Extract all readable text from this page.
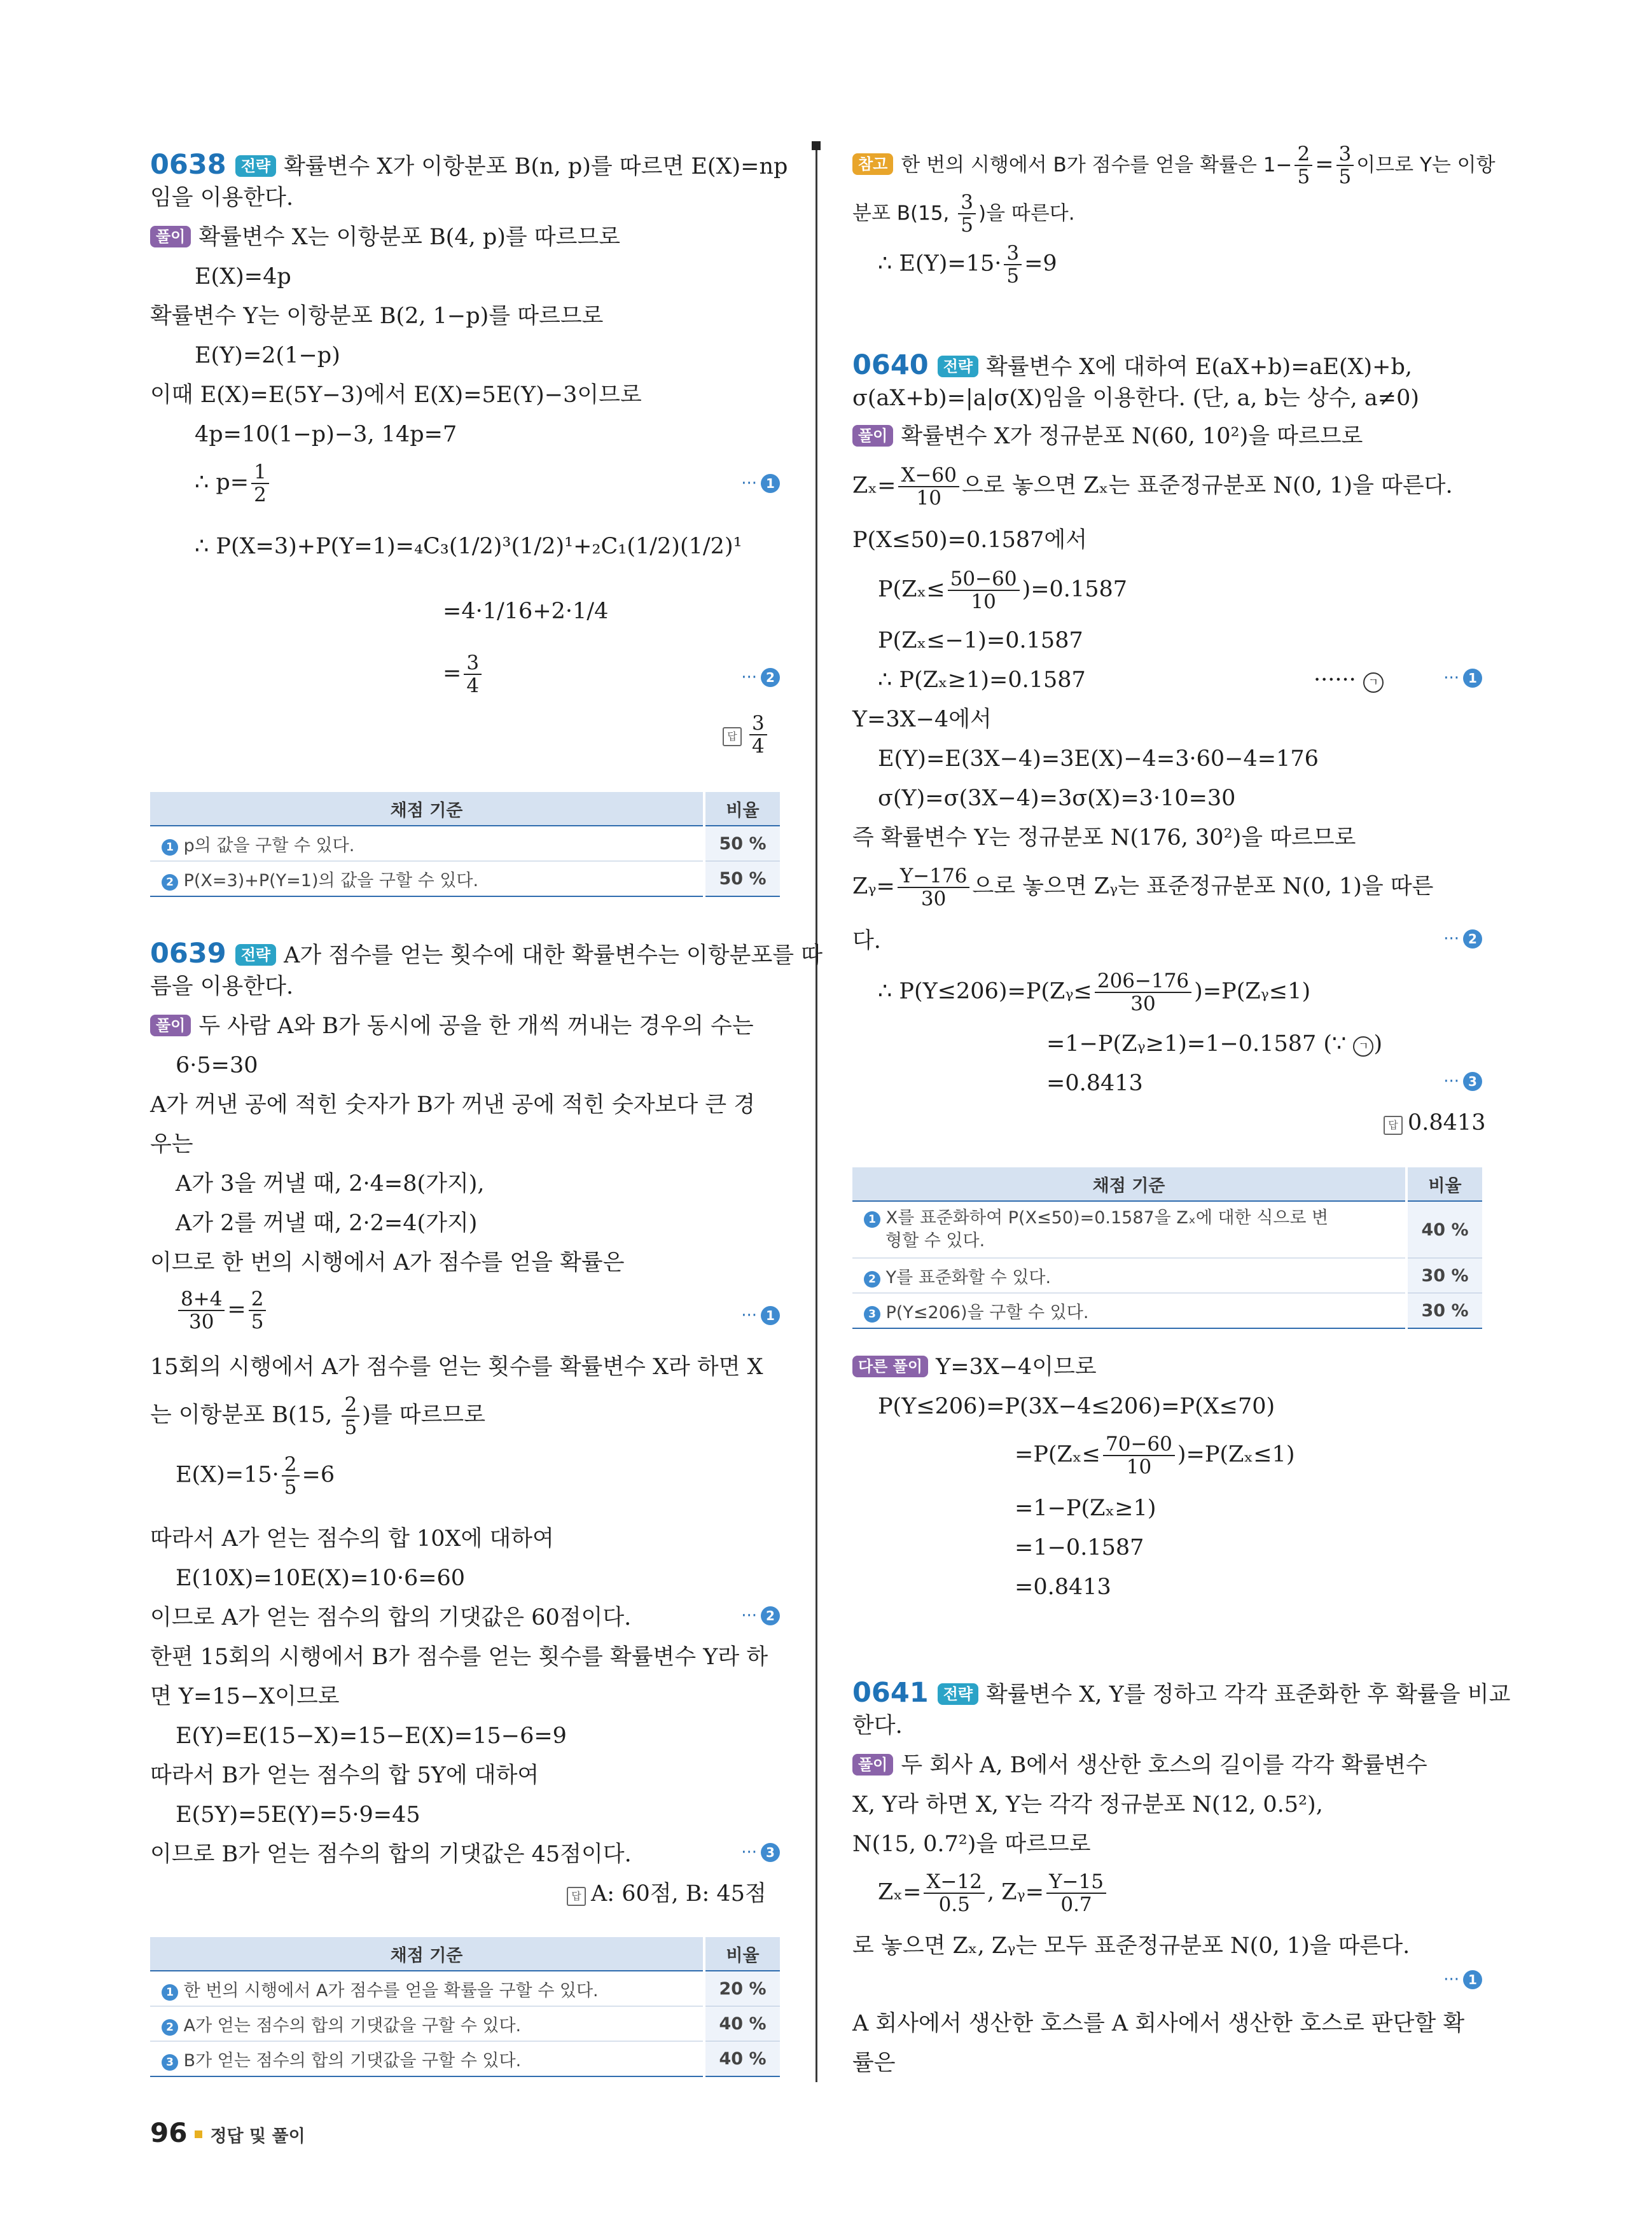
0638 전략 확률변수 X가 이항분포 B(n, p)를 따르면 E(X)=np
임을 이용한다.
풀이 확률변수 X는 이항분포 B(4, p)를 따르므로
E(X)=4p
확률변수 Y는 이항분포 B(2, 1−p)를 따르므로
E(Y)=2(1−p)
이때 E(X)=E(5Y−3)에서 E(X)=5E(Y)−3이므로
4p=10(1−p)−3, 14p=7
∴ $p= \frac{1}{2}$	··· 1
∴ P(X=3)+P(Y=1)=₄C₃(1/2)³(1/2)¹+₂C₁(1/2)(1/2)¹
=4·1/16+2·1/4
= $\frac{3}{4}$	··· 2
답 $\frac{3}{4}$
채점 기준	비율
1 p의 값을 구할 수 있다.	50 %
2 P(X=3)+P(Y=1)의 값을 구할 수 있다.	50 %
0639 전략 A가 점수를 얻는 횟수에 대한 확률변수는 이항분포를 따
름을 이용한다.
풀이 두 사람 A와 B가 동시에 공을 한 개씩 꺼내는 경우의 수는
6·5=30
A가 꺼낸 공에 적힌 숫자가 B가 꺼낸 공에 적힌 숫자보다 큰 경
우는
A가 3을 꺼낼 때, 2·4=8(가지),
A가 2를 꺼낼 때, 2·2=4(가지)
이므로 한 번의 시행에서 A가 점수를 얻을 확률은
$\frac{8+4}{30} = \frac{2}{5}$	··· 1
15회의 시행에서 A가 점수를 얻는 횟수를 확률변수 X라 하면 X
는 이항분포 B(15, $\frac{2}{5}$ )를 따르므로
$E(X)=15\cdot \frac{2}{5} =6$
따라서 A가 얻는 점수의 합 10X에 대하여
E(10X)=10E(X)=10·6=60
이므로 A가 얻는 점수의 합의 기댓값은 60점이다.	··· 2
한편 15회의 시행에서 B가 점수를 얻는 횟수를 확률변수 Y라 하
면 Y=15−X이므로
E(Y)=E(15−X)=15−E(X)=15−6=9
따라서 B가 얻는 점수의 합 5Y에 대하여
E(5Y)=5E(Y)=5·9=45
이므로 B가 얻는 점수의 합의 기댓값은 45점이다.	··· 3
답 A: 60점, B: 45점
채점 기준	비율
1 한 번의 시행에서 A가 점수를 얻을 확률을 구할 수 있다.	20 %
2 A가 얻는 점수의 합의 기댓값을 구할 수 있다.	40 %
3 B가 얻는 점수의 합의 기댓값을 구할 수 있다.	40 %
참고 한 번의 시행에서 B가 점수를 얻을 확률은 $1- \frac{2}{5} = \frac{3}{5}$ 이므로 Y는 이항
분포 B(15, $\frac{3}{5}$ )을 따른다.
∴ $E(Y)=15\cdot \frac{3}{5} =9$
0640 전략 확률변수 X에 대하여 E(aX+b)=aE(X)+b,
σ(aX+b)=|a|σ(X)임을 이용한다. (단, a, b는 상수, a≠0)
풀이 확률변수 X가 정규분포 N(60, 10²)을 따르므로
$Z_x= \frac{X-60}{10}$ 으로 놓으면 Zₓ는 표준정규분포 N(0, 1)을 따른다.
P(X≤50)=0.1587에서
$P(Z_x\le \frac{50-60}{10} )=0.1587$
P(Zₓ≤−1)=0.1587
∴ P(Zₓ≥1)=0.1587	······ ㄱ	··· 1
Y=3X−4에서
E(Y)=E(3X−4)=3E(X)−4=3·60−4=176
σ(Y)=σ(3X−4)=3σ(X)=3·10=30
즉 확률변수 Y는 정규분포 N(176, 30²)을 따르므로
Zᵧ= $\frac{Y-176}{30}$ 으로 놓으면 Zᵧ는 표준정규분포 N(0, 1)을 따른
다.	··· 2
∴ P(Y≤206)=P(Zᵧ≤ $\frac{206-176}{30}$ )=P(Zᵧ≤1)
=1−P(Zᵧ≥1)=1−0.1587 (∵ ㄱ )
=0.8413	··· 3
답 0.8413
채점 기준	비율
1 X를 표준화하여 P(X≤50)=0.1587을 Zₓ에 대한 식으로 변
형할 수 있다.	40 %
2 Y를 표준화할 수 있다.	30 %
3 P(Y≤206)을 구할 수 있다.	30 %
다른 풀이 Y=3X−4이므로
P(Y≤206)=P(3X−4≤206)=P(X≤70)
$=P(Z_x\le \frac{70-60}{10} )=P(Z_x\le 1)$
=1−P(Zₓ≥1)
=1−0.1587
=0.8413
0641 전략 확률변수 X, Y를 정하고 각각 표준화한 후 확률을 비교
한다.
풀이 두 회사 A, B에서 생산한 호스의 길이를 각각 확률변수
X, Y라 하면 X, Y는 각각 정규분포 N(12, 0.5²),
N(15, 0.7²)을 따르므로
$Z_x= \frac{X-12}{0.5}$ , Zᵧ= $\frac{Y-15}{0.7}$
로 놓으면 Zₓ, Zᵧ는 모두 표준정규분포 N(0, 1)을 따른다.
··· 1
A 회사에서 생산한 호스를 A 회사에서 생산한 호스로 판단할 확
률은
96 정답 및 풀이
